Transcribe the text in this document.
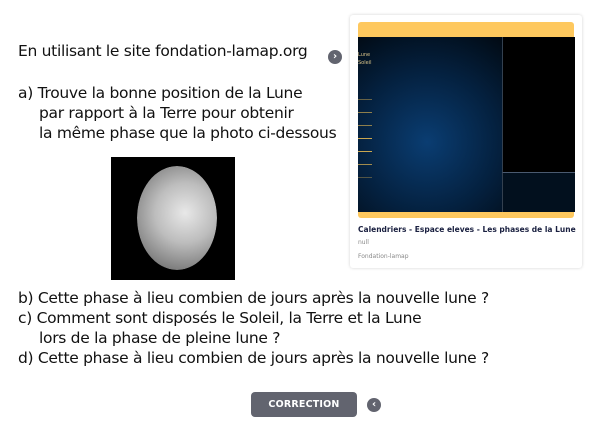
En utilisant le site fondation-lamap.org	›
a) Trouve la bonne position de la Lune
par rapport à la Terre pour obtenir
la même phase que la photo ci-dessous
Lune
Soleil
Calendriers - Espace eleves - Les phases de la Lune
null
Fondation-lamap
b) Cette phase à lieu combien de jours après la nouvelle lune ?
c) Comment sont disposés le Soleil, la Terre et la Lune
lors de la phase de pleine lune ?
d) Cette phase à lieu combien de jours après la nouvelle lune ?
CORRECTION	‹
